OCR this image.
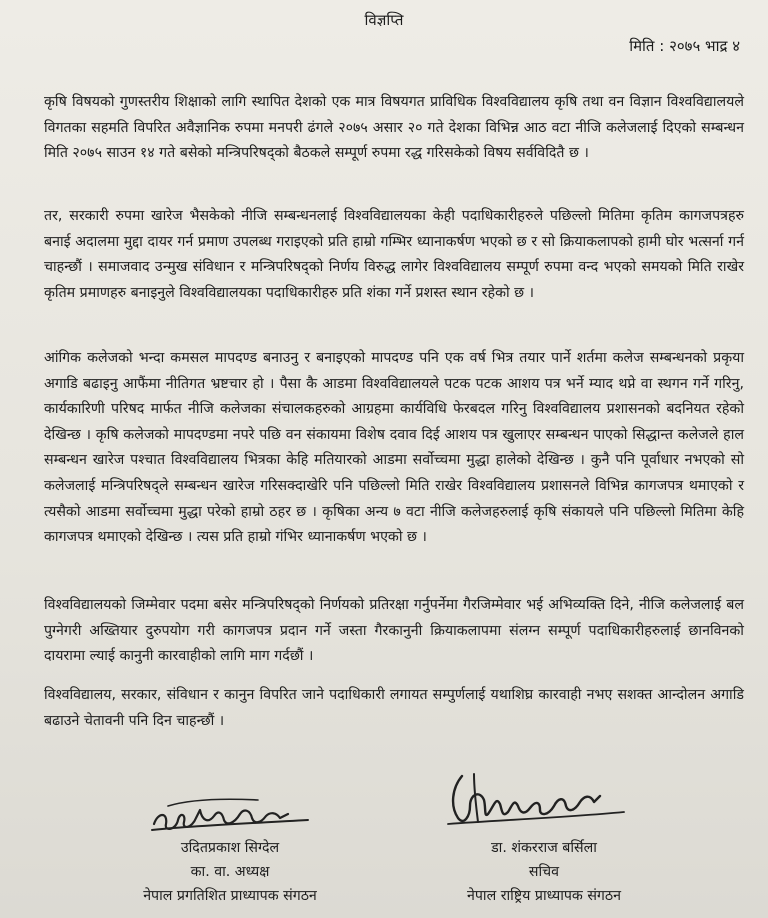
विज्ञप्ति
मिति : २०७५ भाद्र ४
कृषि विषयको गुणस्तरीय शिक्षाको लागि स्थापित देशको एक मात्र विषयगत प्राविधिक विश्वविद्यालय कृषि तथा वन विज्ञान विश्वविद्यालयले विगतका सहमति विपरित अवैज्ञानिक रुपमा मनपरी ढंगले २०७५ असार २० गते देशका विभिन्न आठ वटा नीजि कलेजलाई दिएको सम्बन्धन मिति २०७५ साउन १४ गते बसेको मन्त्रिपरिषद्को बैठकले सम्पूर्ण रुपमा रद्ध गरिसकेको विषय सर्वविदितै छ ।
तर, सरकारी रुपमा खारेज भैसकेको नीजि सम्बन्धनलाई विश्वविद्यालयका केही पदाधिकारीहरुले पछिल्लो मितिमा कृतिम कागजपत्रहरु बनाई अदालमा मुद्दा दायर गर्न प्रमाण उपलब्ध गराइएको प्रति हाम्रो गम्भिर ध्यानाकर्षण भएको छ र सो क्रियाकलापको हामी घोर भत्सर्ना गर्न चाहन्छौं । समाजवाद उन्मुख संविधान र मन्त्रिपरिषद्को निर्णय विरुद्ध लागेर विश्वविद्यालय सम्पूर्ण रुपमा वन्द भएको समयको मिति राखेर कृतिम प्रमाणहरु बनाइनुले विश्वविद्यालयका पदाधिकारीहरु प्रति शंका गर्ने प्रशस्त स्थान रहेको छ ।
आंगिक कलेजको भन्दा कमसल मापदण्ड बनाउनु र बनाइएको मापदण्ड पनि एक वर्ष भित्र तयार पार्ने शर्तमा कलेज सम्बन्धनको प्रकृया अगाडि बढाइनु आफैंमा नीतिगत भ्रष्टचार हो । पैसा कै आडमा विश्वविद्यालयले पटक पटक आशय पत्र भर्ने म्याद थप्ने वा स्थगन गर्ने गरिनु, कार्यकारिणी परिषद मार्फत नीजि कलेजका संचालकहरुको आग्रहमा कार्यविधि फेरबदल गरिनु विश्वविद्यालय प्रशासनको बदनियत रहेको देखिन्छ । कृषि कलेजको मापदण्डमा नपरे पछि वन संकायमा विशेष दवाव दिई आशय पत्र खुलाएर सम्बन्धन पाएको सिद्धान्त कलेजले हाल सम्बन्धन खारेज पश्चात विश्वविद्यालय भित्रका केहि मतियारको आडमा सर्वोच्चमा मुद्धा हालेको देखिन्छ । कुनै पनि पूर्वाधार नभएको सो कलेजलाई मन्त्रिपरिषद्ले सम्बन्धन खारेज गरिसक्दाखेरि पनि पछिल्लो मिति राखेर विश्वविद्यालय प्रशासनले विभिन्न कागजपत्र थमाएको र त्यसैको आडमा सर्वोच्चमा मुद्धा परेको हाम्रो ठहर छ । कृषिका अन्य ७ वटा नीजि कलेजहरुलाई कृषि संकायले पनि पछिल्लो मितिमा केहि कागजपत्र थमाएको देखिन्छ । त्यस प्रति हाम्रो गंभिर ध्यानाकर्षण भएको छ ।
विश्वविद्यालयको जिम्मेवार पदमा बसेर मन्त्रिपरिषद्को निर्णयको प्रतिरक्षा गर्नुपर्नेमा गैरजिम्मेवार भई अभिव्यक्ति दिने, नीजि कलेजलाई बल पुग्नेगरी अख्तियार दुरुपयोग गरी कागजपत्र प्रदान गर्ने जस्ता गैरकानुनी क्रियाकलापमा संलग्न सम्पूर्ण पदाधिकारीहरुलाई छानविनको दायरामा ल्याई कानुनी कारवाहीको लागि माग गर्दछौं ।
विश्वविद्यालय, सरकार, संविधान र कानुन विपरित जाने पदाधिकारी लगायत सम्पुर्णलाई यथाशिघ्र कारवाही नभए सशक्त आन्दोलन अगाडि बढाउने चेतावनी पनि दिन चाहन्छौं ।
उदितप्रकाश सिग्देल
का. वा. अध्यक्ष
नेपाल प्रगतिशित प्राध्यापक संगठन
डा. शंकरराज बर्सिला
सचिव
नेपाल राष्ट्रिय प्राध्यापक संगठन
